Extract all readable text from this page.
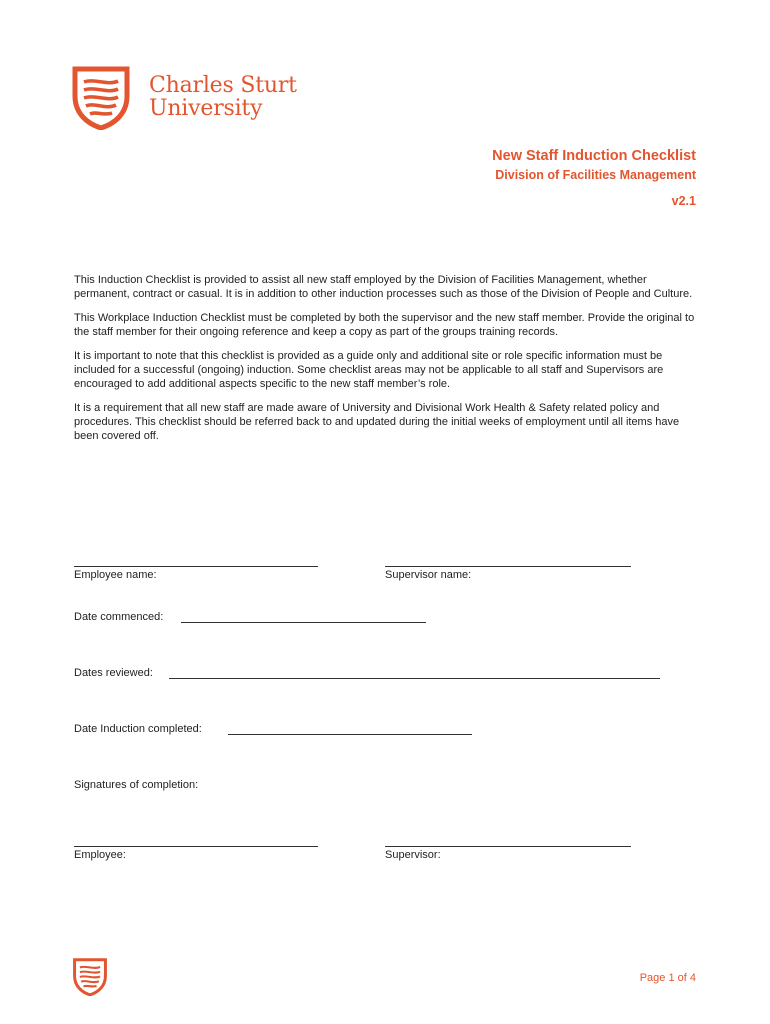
Charles Sturt
University
New Staff Induction Checklist
Division of Facilities Management
v2.1

This Induction Checklist is provided to assist all new staff employed by the Division of Facilities Management, whether permanent, contract or casual. It is in addition to other induction processes such as those of the Division of People and Culture.

This Workplace Induction Checklist must be completed by both the supervisor and the new staff member. Provide the original to the staff member for their ongoing reference and keep a copy as part of the groups training records.

It is important to note that this checklist is provided as a guide only and additional site or role specific information must be included for a successful (ongoing) induction. Some checklist areas may not be applicable to all staff and Supervisors are encouraged to add additional aspects specific to the new staff member’s role.

It is a requirement that all new staff are made aware of University and Divisional Work Health & Safety related policy and procedures. This checklist should be referred back to and updated during the initial weeks of employment until all items have been covered off.

Employee name:	Supervisor name:
Date commenced:
Dates reviewed:
Date Induction completed:
Signatures of completion:
Employee:	Supervisor:
Page 1 of 4
